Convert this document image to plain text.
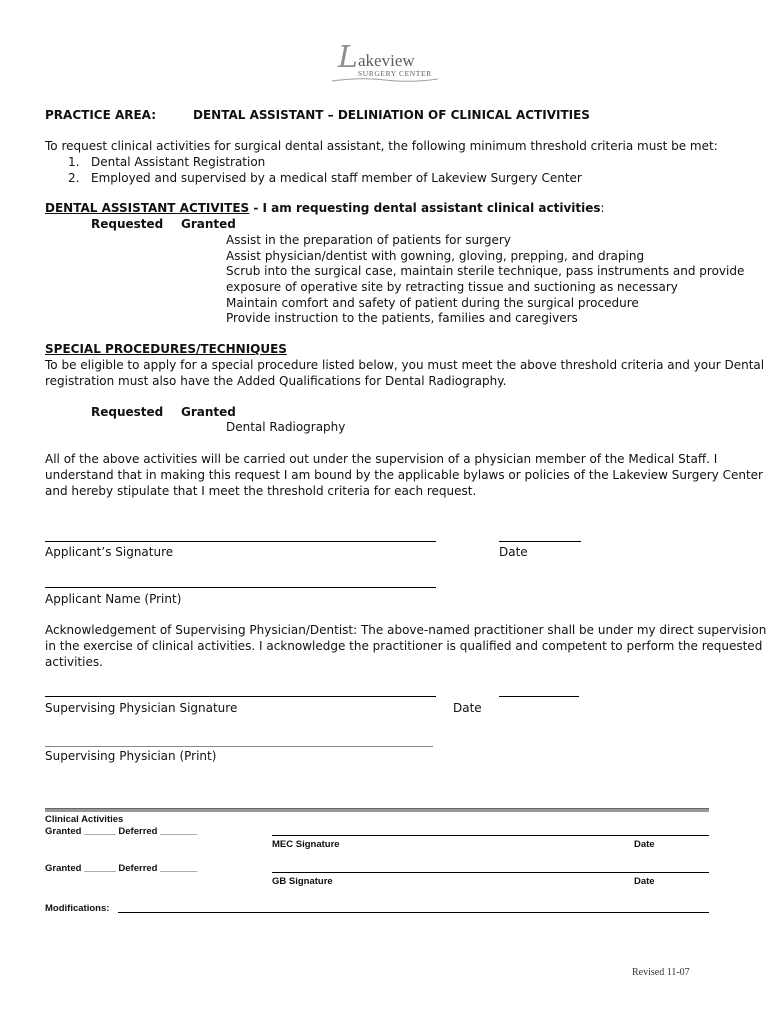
L akeview
SURGERY CENTER
PRACTICE AREA:	DENTAL ASSISTANT – DELINIATION OF CLINICAL ACTIVITIES
To request clinical activities for surgical dental assistant, the following minimum threshold criteria must be met:
1. Dental Assistant Registration
2. Employed and supervised by a medical staff member of Lakeview Surgery Center
DENTAL ASSISTANT ACTIVITES - I am requesting dental assistant clinical activities:
Requested Granted
Assist in the preparation of patients for surgery
Assist physician/dentist with gowning, gloving, prepping, and draping
Scrub into the surgical case, maintain sterile technique, pass instruments and provide
exposure of operative site by retracting tissue and suctioning as necessary
Maintain comfort and safety of patient during the surgical procedure
Provide instruction to the patients, families and caregivers
SPECIAL PROCEDURES/TECHNIQUES
To be eligible to apply for a special procedure listed below, you must meet the above threshold criteria and your Dental
registration must also have the Added Qualifications for Dental Radiography.
Requested Granted
Dental Radiography
All of the above activities will be carried out under the supervision of a physician member of the Medical Staff. I
understand that in making this request I am bound by the applicable bylaws or policies of the Lakeview Surgery Center
and hereby stipulate that I meet the threshold criteria for each request.
Applicant’s Signature	Date
Applicant Name (Print)
Acknowledgement of Supervising Physician/Dentist: The above-named practitioner shall be under my direct supervision
in the exercise of clinical activities. I acknowledge the practitioner is qualified and competent to perform the requested
activities.
Supervising Physician Signature	Date
Supervising Physician (Print)
Clinical Activities
Granted ______ Deferred _______
MEC Signature	Date
Granted ______ Deferred _______
GB Signature	Date
Modifications:
Revised 11-07
